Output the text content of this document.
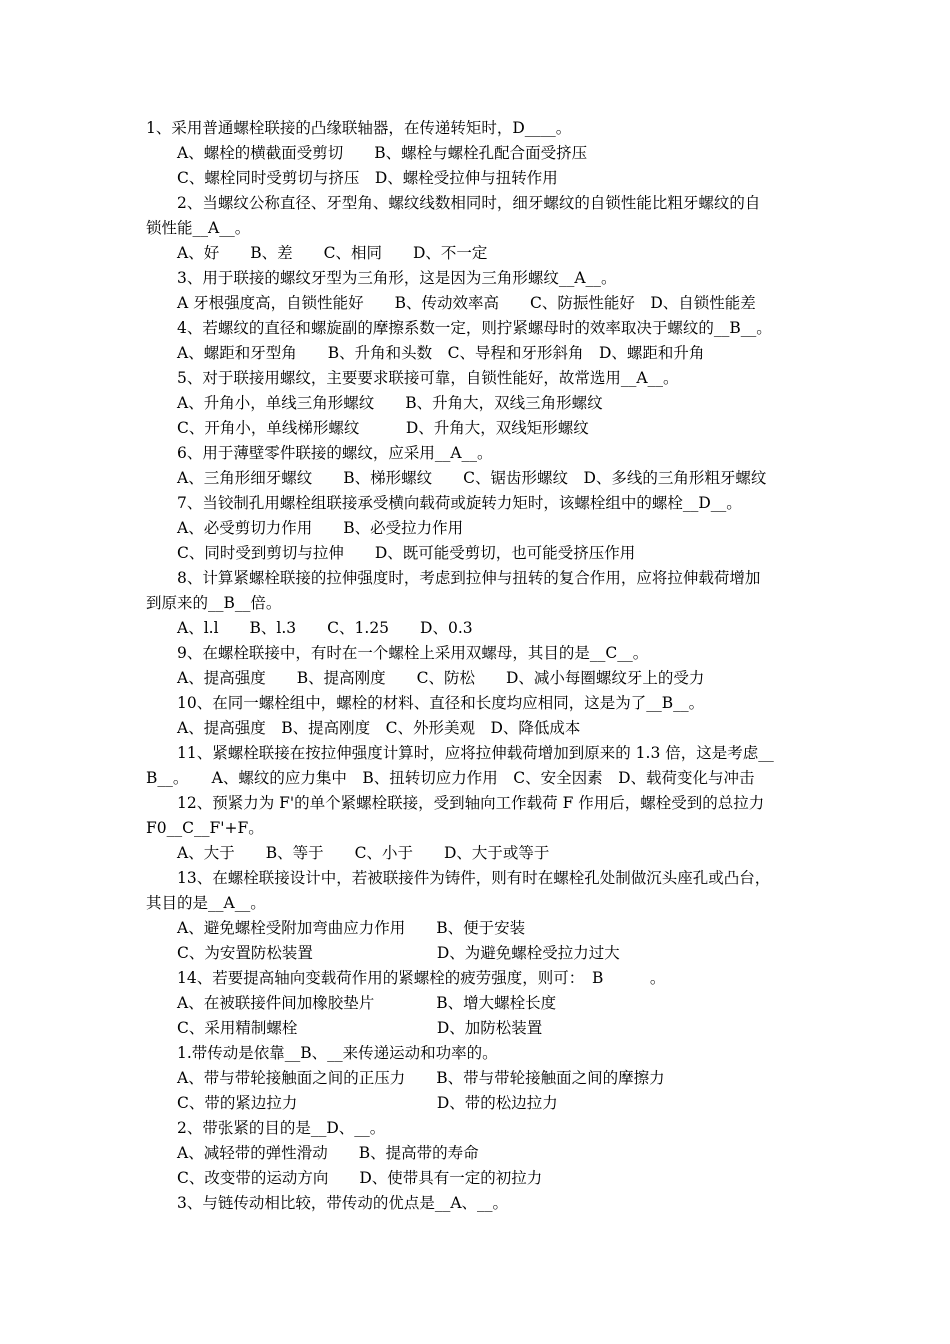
1、采用普通螺栓联接的凸缘联轴器，在传递转矩时，D____。
A、螺栓的横截面受剪切　　B、螺栓与螺栓孔配合面受挤压
C、螺栓同时受剪切与挤压　D、螺栓受拉伸与扭转作用
2、当螺纹公称直径、牙型角、螺纹线数相同时，细牙螺纹的自锁性能比粗牙螺纹的自
锁性能__A__。
A、好　　B、差　　C、相同　　D、不一定
3、用于联接的螺纹牙型为三角形，这是因为三角形螺纹__A__。
A 牙根强度高，自锁性能好　　B、传动效率高　　C、防振性能好　D、自锁性能差
4、若螺纹的直径和螺旋副的摩擦系数一定，则拧紧螺母时的效率取决于螺纹的__B__。
A、螺距和牙型角　　B、升角和头数　C、导程和牙形斜角　D、螺距和升角
5、对于联接用螺纹，主要要求联接可靠，自锁性能好，故常选用__A__。
A、升角小，单线三角形螺纹　　B、升角大，双线三角形螺纹
C、开角小，单线梯形螺纹　　　D、升角大，双线矩形螺纹
6、用于薄壁零件联接的螺纹，应采用__A__。
A、三角形细牙螺纹　　B、梯形螺纹　　C、锯齿形螺纹　D、多线的三角形粗牙螺纹
7、当铰制孔用螺栓组联接承受横向载荷或旋转力矩时，该螺栓组中的螺栓__D__。
A、必受剪切力作用　　B、必受拉力作用
C、同时受到剪切与拉伸　　D、既可能受剪切，也可能受挤压作用
8、计算紧螺栓联接的拉伸强度时，考虑到拉伸与扭转的复合作用，应将拉伸载荷增加
到原来的__B__倍。
A、l.l　　B、l.3　　C、1.25　　D、0.3
9、在螺栓联接中，有时在一个螺栓上采用双螺母，其目的是__C__。
A、提高强度　　B、提高刚度　　C、防松　　D、减小每圈螺纹牙上的受力
10、在同一螺栓组中，螺栓的材料、直径和长度均应相同，这是为了__B__。
A、提高强度　B、提高刚度　C、外形美观　D、降低成本
11、紧螺栓联接在按拉伸强度计算时，应将拉伸载荷增加到原来的 1.3 倍，这是考虑__
B__。　　A、螺纹的应力集中　B、扭转切应力作用　C、安全因素　D、载荷变化与冲击
12、预紧力为 F'的单个紧螺栓联接，受到轴向工作载荷 F 作用后，螺栓受到的总拉力
F0__C__F'+F。
A、大于　　B、等于　　C、小于　　D、大于或等于
13、在螺栓联接设计中，若被联接件为铸件，则有时在螺栓孔处制做沉头座孔或凸台，
其目的是__A__。
A、避免螺栓受附加弯曲应力作用　　B、便于安装
C、为安置防松装置　　　　　　　　D、为避免螺栓受拉力过大
14、若要提高轴向变载荷作用的紧螺栓的疲劳强度，则可：　B　　　。
A、在被联接件间加橡胶垫片　　　　B、增大螺栓长度
C、采用精制螺栓　　　　　　　　　D、加防松装置
1.带传动是依靠__B、__来传递运动和功率的。
A、带与带轮接触面之间的正压力　　B、带与带轮接触面之间的摩擦力
C、带的紧边拉力　　　　　　　　　D、带的松边拉力
2、带张紧的目的是__D、__。
A、减轻带的弹性滑动　　B、提高带的寿命
C、改变带的运动方向　　D、使带具有一定的初拉力
3、与链传动相比较，带传动的优点是__A、__。
